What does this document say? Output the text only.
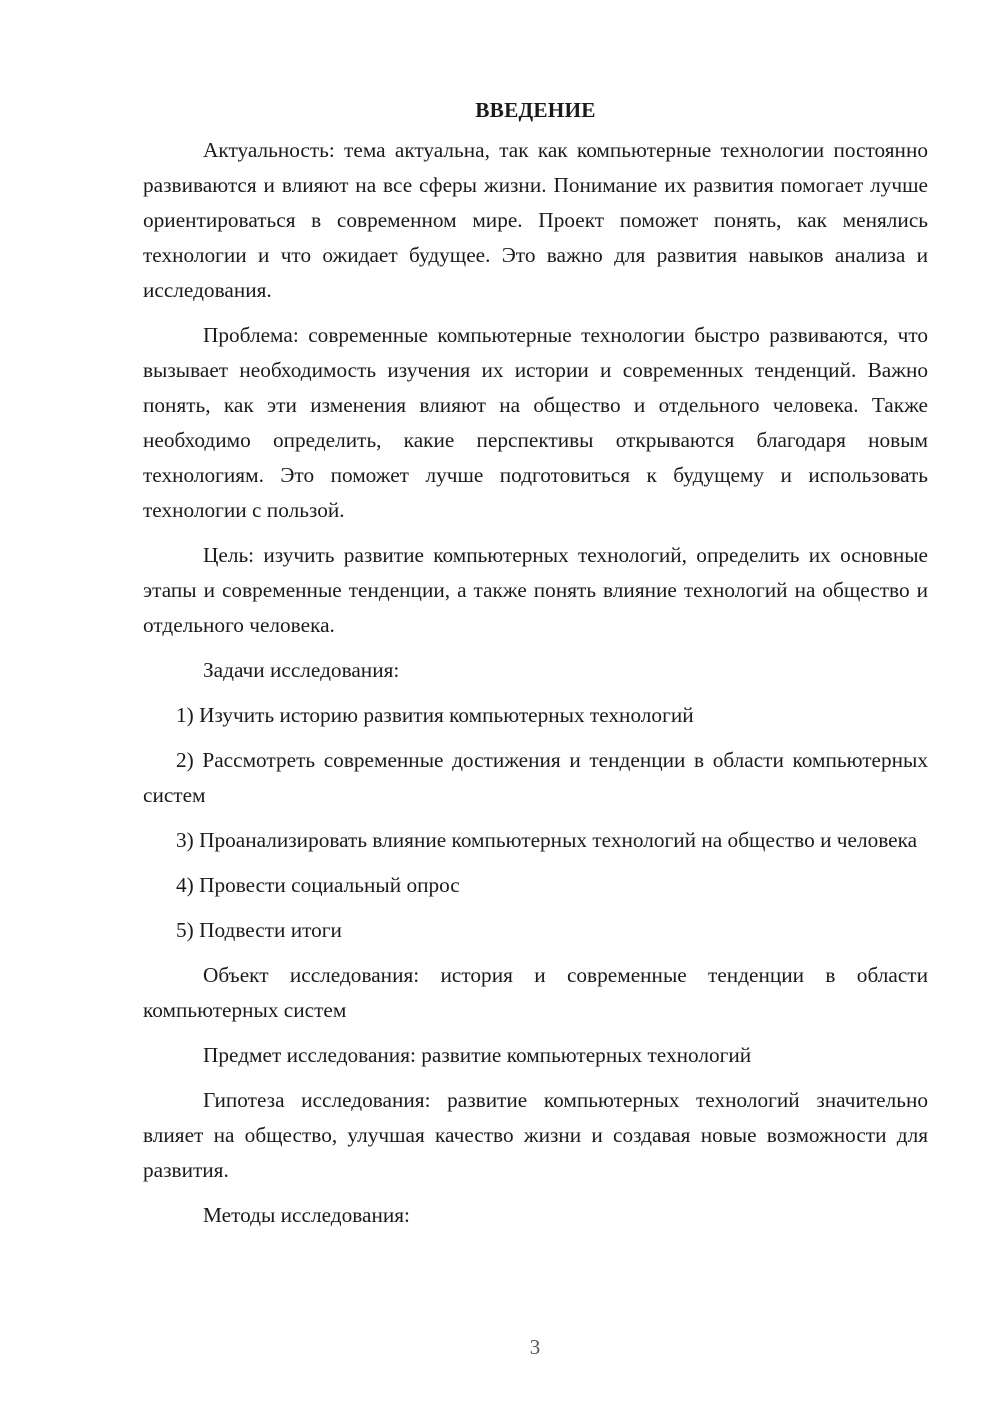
ВВЕДЕНИЕ

Актуальность: тема актуальна, так как компьютерные технологии постоянно развиваются и влияют на все сферы жизни. Понимание их развития помогает лучше ориентироваться в современном мире. Проект поможет понять, как менялись технологии и что ожидает будущее. Это важно для развития навыков анализа и исследования.

Проблема: современные компьютерные технологии быстро развиваются, что вызывает необходимость изучения их истории и современных тенденций. Важно понять, как эти изменения влияют на общество и отдельного человека. Также необходимо определить, какие перспективы открываются благодаря новым технологиям. Это поможет лучше подготовиться к будущему и использовать технологии с пользой.

Цель: изучить развитие компьютерных технологий, определить их основные этапы и современные тенденции, а также понять влияние технологий на общество и отдельного человека.

Задачи исследования:

1) Изучить историю развития компьютерных технологий

2) Рассмотреть современные достижения и тенденции в области компьютерных систем

3) Проанализировать влияние компьютерных технологий на общество и человека

4) Провести социальный опрос

5) Подвести итоги

Объект исследования: история и современные тенденции в области компьютерных систем

Предмет исследования: развитие компьютерных технологий

Гипотеза исследования: развитие компьютерных технологий значительно влияет на общество, улучшая качество жизни и создавая новые возможности для развития.

Методы исследования:

3
